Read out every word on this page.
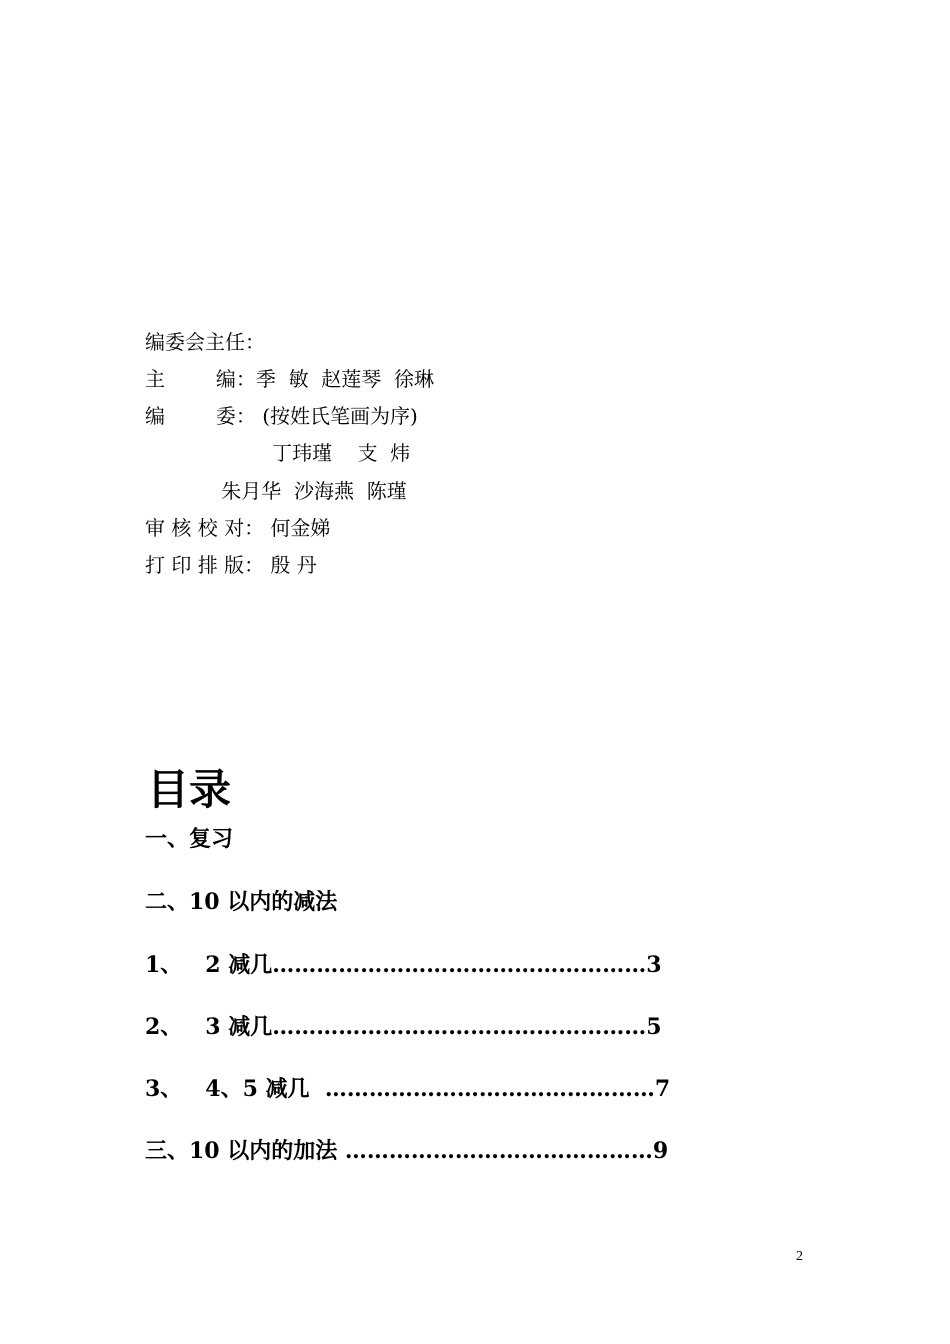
编委会主任：
主        编：季  敏  赵莲琴  徐琳
编        委： (按姓氏笔画为序)
丁玮瑾    支  炜
朱月华  沙海燕  陈瑾
审 核 校 对： 何金娣
打 印 排 版： 殷 丹
目录
一、复习
二、10 以内的减法
1、   2 减几……………………………………………3
2、   3 减几……………………………………………5
3、   4、5 减几  ………………………………………7
三、10 以内的加法 ……………………………………9
2
